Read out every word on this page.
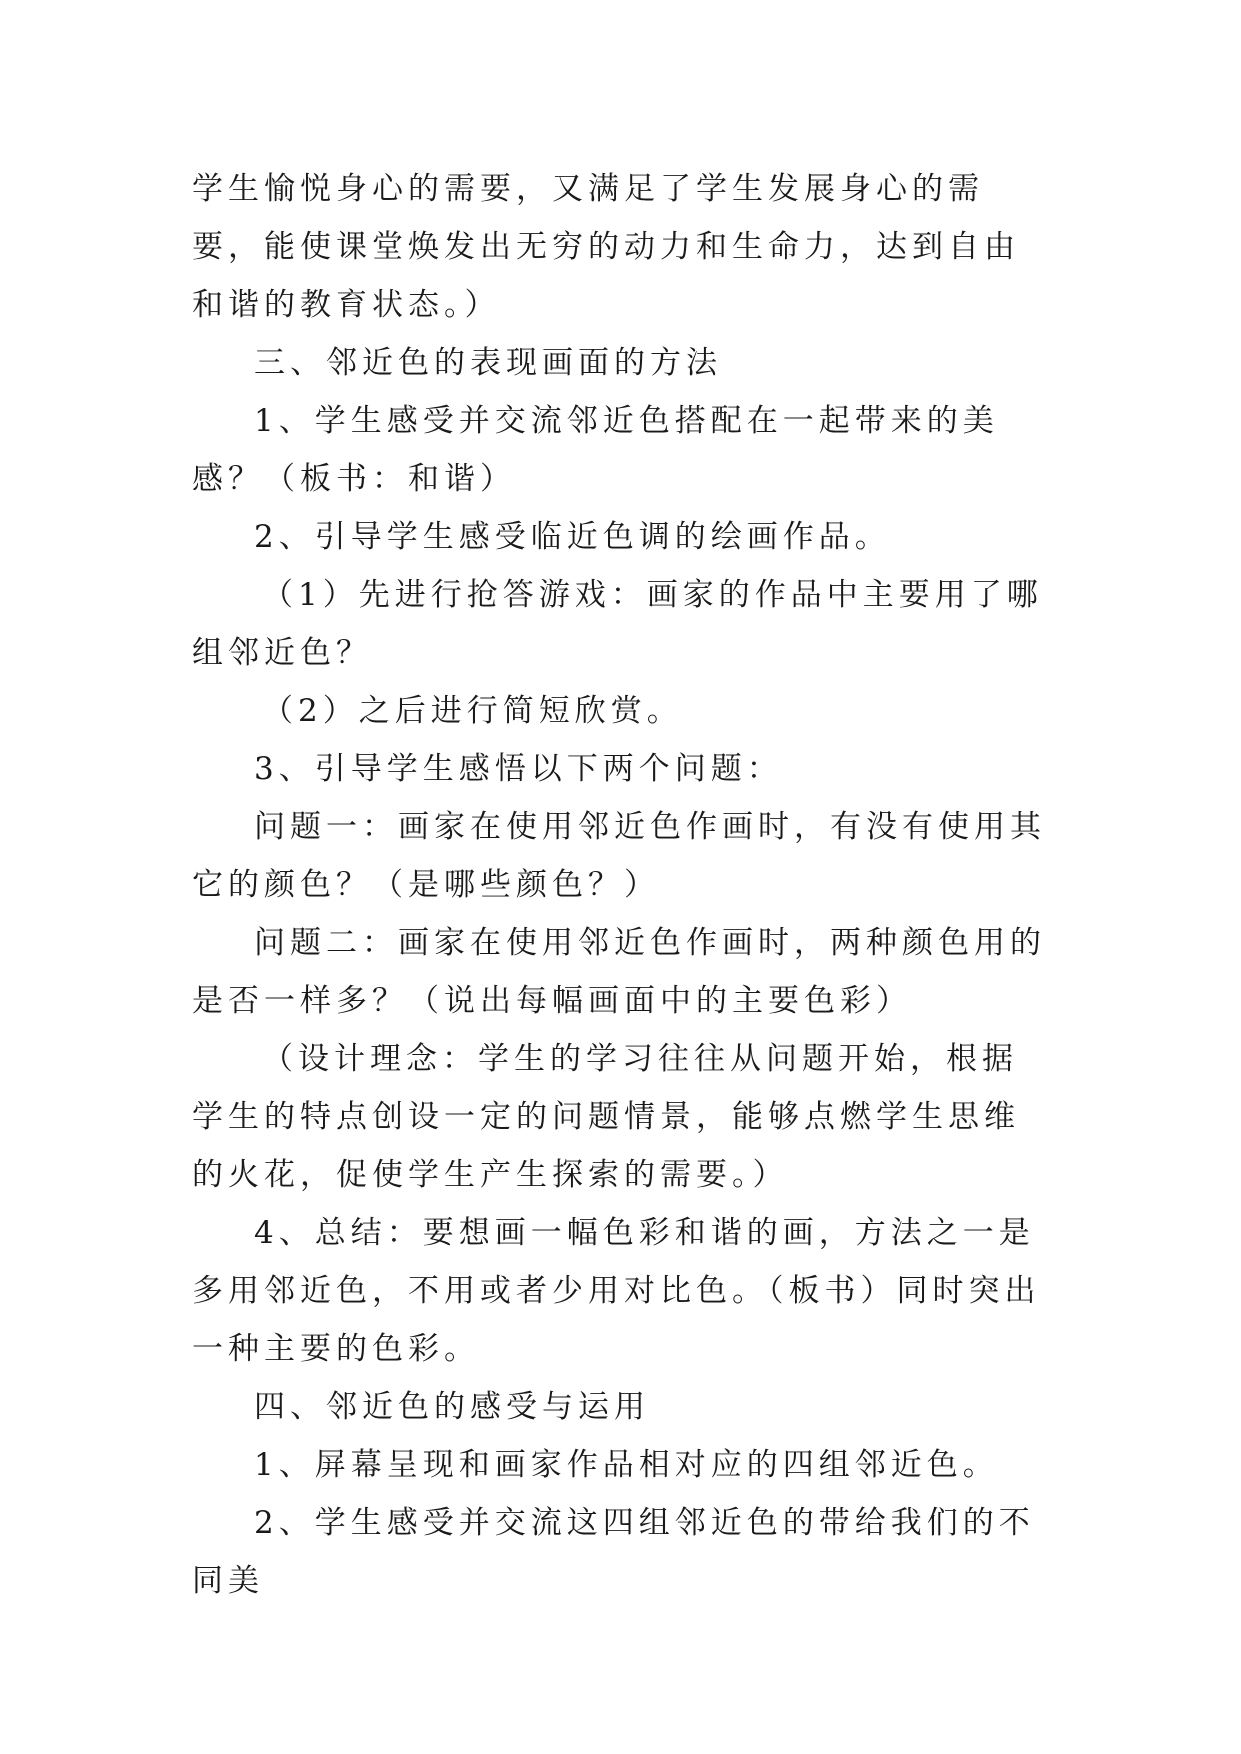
学生愉悦身心的需要，又满足了学生发展身心的需要，能使课堂焕发出无穷的动力和生命力，达到自由和谐的教育状态。）

三、邻近色的表现画面的方法

1、学生感受并交流邻近色搭配在一起带来的美感？（板书：和谐）

2、引导学生感受临近色调的绘画作品。

（1）先进行抢答游戏：画家的作品中主要用了哪组邻近色？

（2）之后进行简短欣赏。

3、引导学生感悟以下两个问题：

问题一：画家在使用邻近色作画时，有没有使用其它的颜色？（是哪些颜色？）

问题二：画家在使用邻近色作画时，两种颜色用的是否一样多？（说出每幅画面中的主要色彩）

（设计理念：学生的学习往往从问题开始，根据学生的特点创设一定的问题情景，能够点燃学生思维的火花，促使学生产生探索的需要。）

4、总结：要想画一幅色彩和谐的画，方法之一是多用邻近色，不用或者少用对比色。（板书）同时突出一种主要的色彩。

四、邻近色的感受与运用

1、屏幕呈现和画家作品相对应的四组邻近色。

2、学生感受并交流这四组邻近色的带给我们的不同美
